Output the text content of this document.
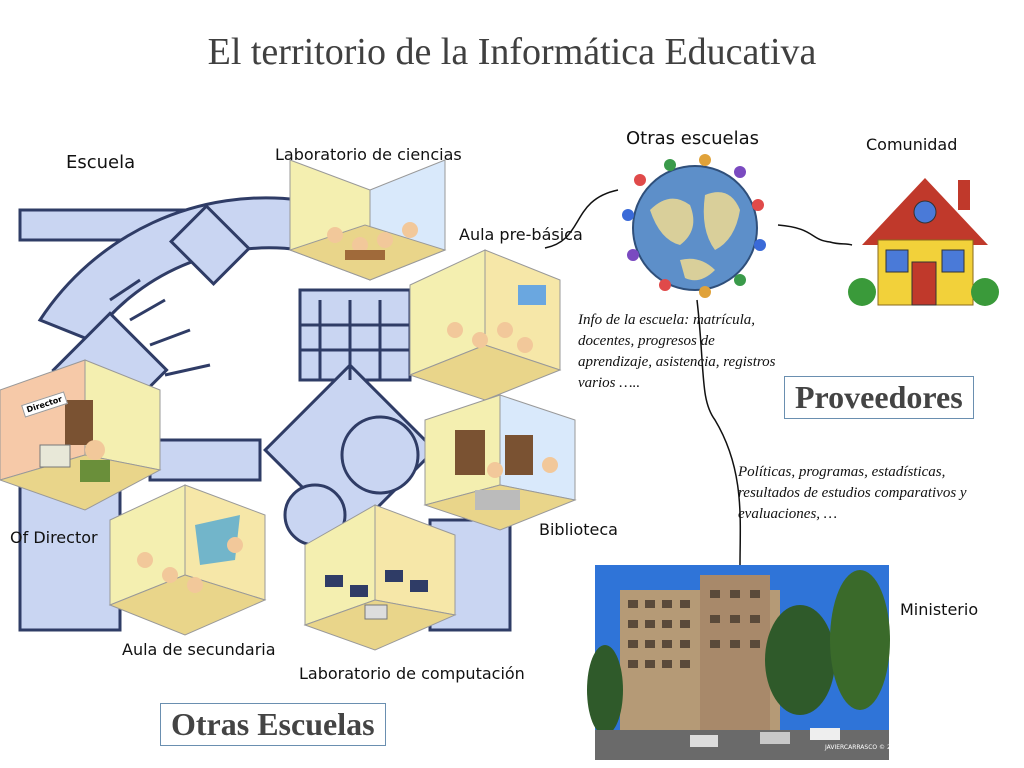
El territorio de la Informática Educativa
Escuela	Laboratorio de ciencias
Aula pre-básica
Director
Of Director	Biblioteca
Aula de secundaria
Laboratorio de computación
Otras escuelas	Comunidad
Ministerio
Info de la escuela: matrícula, docentes, progresos de aprendizaje, asistencia, registros varios …..
Políticas, programas, estadísticas, resultados de estudios comparativos y evaluaciones, …
Proveedores
Otras Escuelas
JAVIERCARRASCO © 2006
